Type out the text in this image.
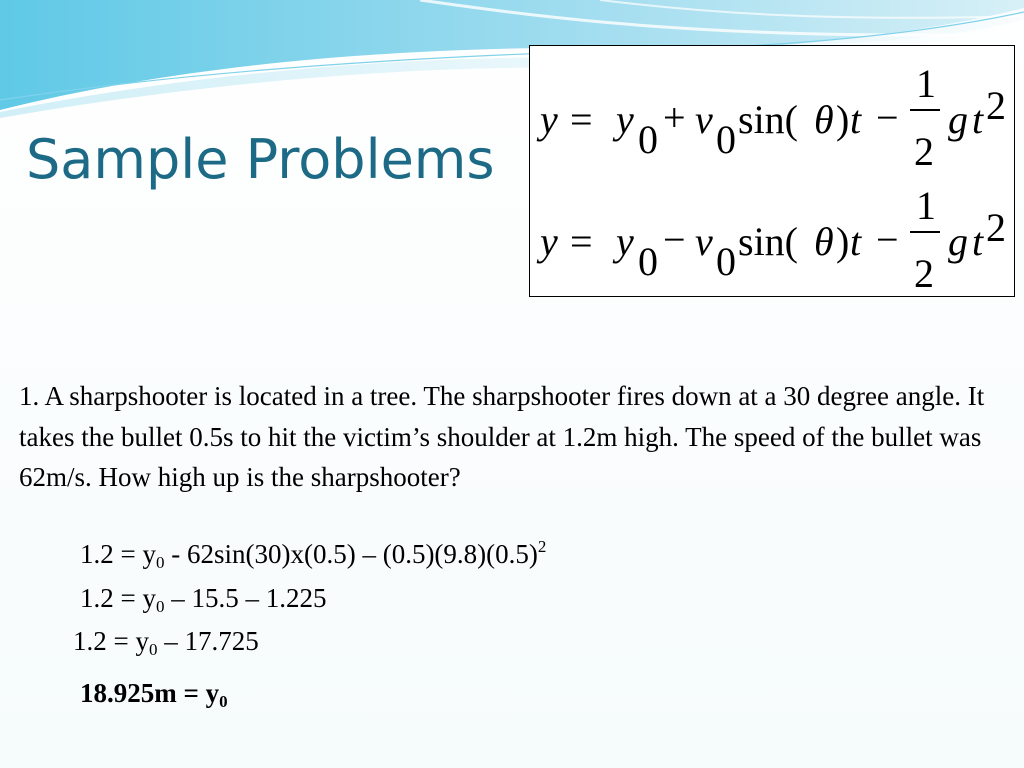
Sample Problems
y = y 0 + v 0 sin( θ ) t −
1
2
g t 2
y = y 0 − v 0 sin( θ ) t −
1
2
g t 2
1. A sharpshooter is located in a tree. The sharpshooter fires down at a 30 degree angle. It takes the bullet 0.5s to hit the victim’s shoulder at 1.2m high. The speed of the bullet was 62m/s. How high up is the sharpshooter?
$1.2 = y_0 - 62\sin(30)x(0.5) - (0.5)(9.8)(0.5)^2$
$1.2 = y_0 - 15.5 - 1.225$
$1.2 = y_0 - 17.725$
$18.925m = y_0$
